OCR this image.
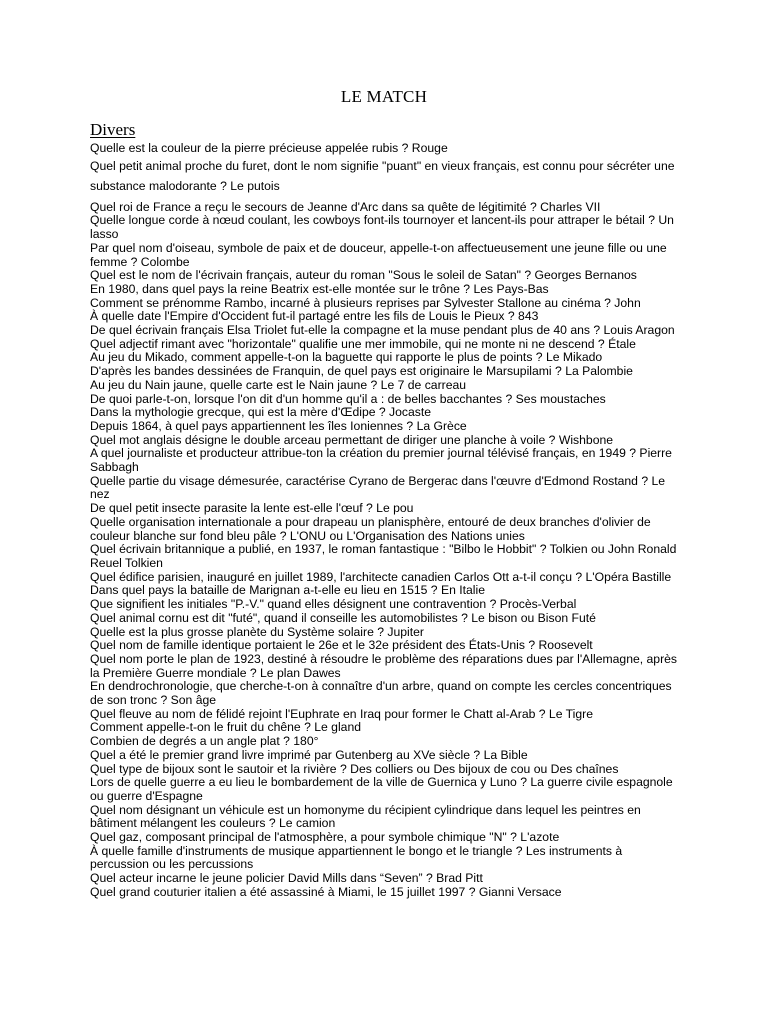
LE MATCH
Divers
Quelle est la couleur de la pierre précieuse appelée rubis ? Rouge
Quel petit animal proche du furet, dont le nom signifie "puant" en vieux français, est connu pour sécréter une substance malodorante ? Le putois
Quel roi de France a reçu le secours de Jeanne d'Arc dans sa quête de légitimité ? Charles VII
Quelle longue corde à nœud coulant, les cowboys font-ils tournoyer et lancent-ils pour attraper le bétail ? Un lasso
Par quel nom d'oiseau, symbole de paix et de douceur, appelle-t-on affectueusement une jeune fille ou une femme ? Colombe
Quel est le nom de l'écrivain français, auteur du roman "Sous le soleil de Satan" ? Georges Bernanos
En 1980, dans quel pays la reine Beatrix est-elle montée sur le trône ? Les Pays-Bas
Comment se prénomme Rambo, incarné à plusieurs reprises par Sylvester Stallone au cinéma ? John
À quelle date l'Empire d'Occident fut-il partagé entre les fils de Louis le Pieux ? 843
De quel écrivain français Elsa Triolet fut-elle la compagne et la muse pendant plus de 40 ans ? Louis Aragon
Quel adjectif rimant avec "horizontale" qualifie une mer immobile, qui ne monte ni ne descend ? Étale
Au jeu du Mikado, comment appelle-t-on la baguette qui rapporte le plus de points ? Le Mikado
D'après les bandes dessinées de Franquin, de quel pays est originaire le Marsupilami ? La Palombie
Au jeu du Nain jaune, quelle carte est le Nain jaune ? Le 7 de carreau
De quoi parle-t-on, lorsque l'on dit d'un homme qu'il a : de belles bacchantes ? Ses moustaches
Dans la mythologie grecque, qui est la mère d'Œdipe ? Jocaste
Depuis 1864, à quel pays appartiennent les îles Ioniennes ? La Grèce
Quel mot anglais désigne le double arceau permettant de diriger une planche à voile ? Wishbone
A quel journaliste et producteur attribue-ton la création du premier journal télévisé français, en 1949 ? Pierre Sabbagh
Quelle partie du visage démesurée, caractérise Cyrano de Bergerac dans l'œuvre d'Edmond Rostand ? Le nez
De quel petit insecte parasite la lente est-elle l'œuf ? Le pou
Quelle organisation internationale a pour drapeau un planisphère, entouré de deux branches d'olivier de couleur blanche sur fond bleu pâle ? L'ONU ou L'Organisation des Nations unies
Quel écrivain britannique a publié, en 1937, le roman fantastique : "Bilbo le Hobbit" ? Tolkien ou John Ronald Reuel Tolkien
Quel édifice parisien, inauguré en juillet 1989, l'architecte canadien Carlos Ott a-t-il conçu ? L'Opéra Bastille
Dans quel pays la bataille de Marignan a-t-elle eu lieu en 1515 ? En Italie
Que signifient les initiales "P.-V." quand elles désignent une contravention ? Procès-Verbal
Quel animal cornu est dit "futé", quand il conseille les automobilistes ? Le bison ou Bison Futé
Quelle est la plus grosse planète du Système solaire ? Jupiter
Quel nom de famille identique portaient le 26e et le 32e président des États-Unis ? Roosevelt
Quel nom porte le plan de 1923, destiné à résoudre le problème des réparations dues par l'Allemagne, après la Première Guerre mondiale ? Le plan Dawes
En dendrochronologie, que cherche-t-on à connaître d'un arbre, quand on compte les cercles concentriques de son tronc ? Son âge
Quel fleuve au nom de félidé rejoint l'Euphrate en Iraq pour former le Chatt al-Arab ? Le Tigre
Comment appelle-t-on le fruit du chêne ? Le gland
Combien de degrés a un angle plat ? 180°
Quel a été le premier grand livre imprimé par Gutenberg au XVe siècle ? La Bible
Quel type de bijoux sont le sautoir et la rivière ? Des colliers ou Des bijoux de cou ou Des chaînes
Lors de quelle guerre a eu lieu le bombardement de la ville de Guernica y Luno ? La guerre civile espagnole ou guerre d'Espagne
Quel nom désignant un véhicule est un homonyme du récipient cylindrique dans lequel les peintres en bâtiment mélangent les couleurs ? Le camion
Quel gaz, composant principal de l'atmosphère, a pour symbole chimique "N" ? L'azote
À quelle famille d'instruments de musique appartiennent le bongo et le triangle ? Les instruments à percussion ou les percussions
Quel acteur incarne le jeune policier David Mills dans “Seven” ? Brad Pitt
Quel grand couturier italien a été assassiné à Miami, le 15 juillet 1997 ? Gianni Versace
